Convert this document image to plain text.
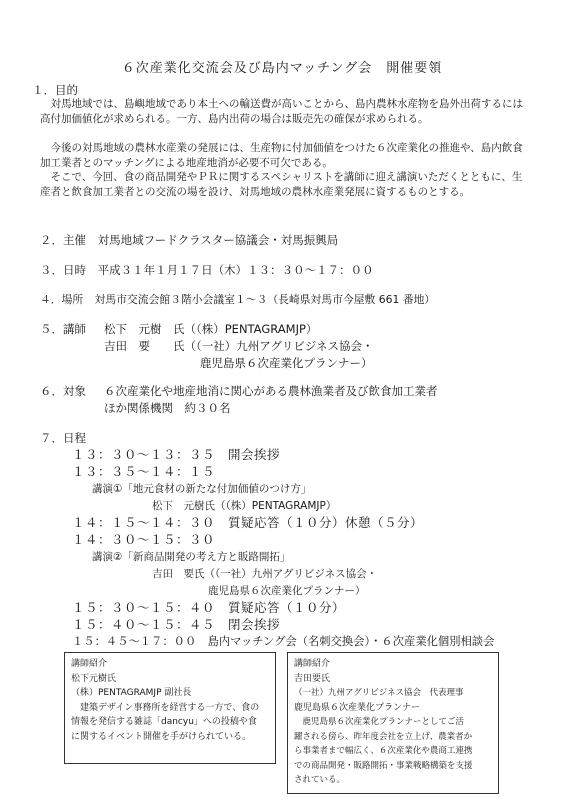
６次産業化交流会及び島内マッチング会　開催要領
１．目的
対馬地域では、島嶼地域であり本土への輸送費が高いことから、島内農林水産物を島外出荷するには高付加価値化が求められる。一方、島内出荷の場合は販売先の確保が求められる。
今後の対馬地域の農林水産業の発展には、生産物に付加価値をつけた６次産業化の推進や、島内飲食加工業者とのマッチングによる地産地消が必要不可欠である。
そこで、今回、食の商品開発やＰＲに関するスペシャリストを講師に迎え講演いただくとともに、生産者と飲食加工業者との交流の場を設け、対馬地域の農林水産業発展に資するものとする。
２．主催 対馬地域フードクラスター協議会・対馬振興局
３．日時 平成３１年１月１７日（木）１３：３０～１７：００
４．場所 対馬市交流会館３階小会議室１～３（長崎県対馬市今屋敷 661 番地）
５．講師 松下　元樹　氏（（株）PENTAGRAMJP）
吉田　要　　氏（（一社）九州アグリビジネス協会・
鹿児島県６次産業化プランナー）
６．対象 ６次産業化や地産地消に関心がある農林漁業者及び飲食加工業者
ほか関係機関　約３０名
７．日程
１３：３０～１３：３５　開会挨拶
１３：３５～１４：１５
講演①「地元食材の新たな付加価値のつけ方」
松下　元樹氏（（株）PENTAGRAMJP）
１４：１５～１４：３０　質疑応答（１０分）休憩（５分）
１４：３０～１５：３０
講演②「新商品開発の考え方と販路開拓」
吉田　要氏（（一社）九州アグリビジネス協会・
鹿児島県６次産業化プランナー）
１５：３０～１５：４０　質疑応答（１０分）
１５：４０～１５：４５　閉会挨拶
１５：４５～１７：００　島内マッチング会（名刺交換会）・６次産業化個別相談会
講師紹介
松下元樹氏
（株）PENTAGRAMJP 副社長
　建築デザイン事務所を経営する一方で、食の
情報を発信する雑誌「dancyu」への投稿や食
に関するイベント開催を手がけられている。
講師紹介
吉田要氏
（一社）九州アグリビジネス協会　代表理事
鹿児島県６次産業化プランナー
　鹿児島県６次産業化プランナーとしてご活
躍される傍ら、昨年度会社を立上げ、農業者か
ら事業者まで幅広く、６次産業化や農商工連携
での商品開発・販路開拓・事業戦略構築を支援
されている。
